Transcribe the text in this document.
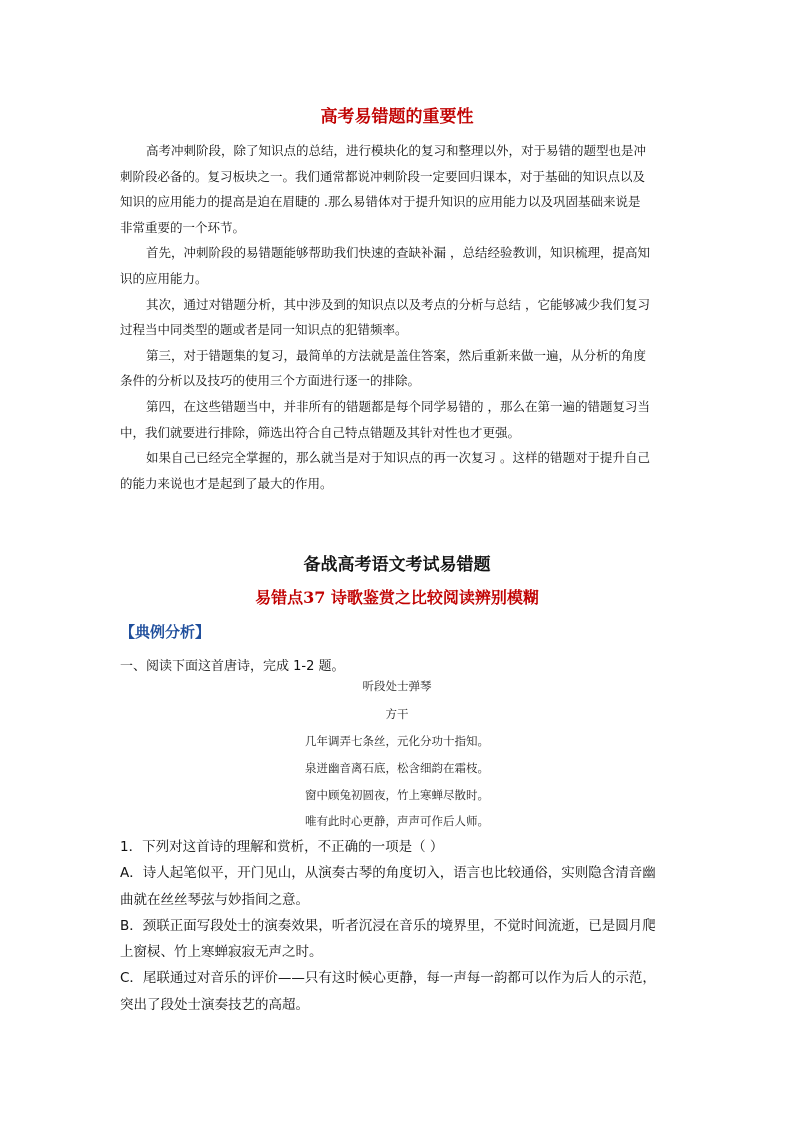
高考易错题的重要性

高考冲刺阶段，除了知识点的总结，进行模块化的复习和整理以外，对于易错的题型也是冲
刺阶段必备的。复习板块之一。我们通常都说冲刺阶段一定要回归课本，对于基础的知识点以及
知识的应用能力的提高是迫在眉睫的 .那么易错体对于提升知识的应用能力以及巩固基础来说是
非常重要的一个环节。

首先，冲刺阶段的易错题能够帮助我们快速的查缺补漏 ，总结经验教训，知识梳理，提高知
识的应用能力。

其次，通过对错题分析，其中涉及到的知识点以及考点的分析与总结 ，它能够减少我们复习
过程当中同类型的题或者是同一知识点的犯错频率。

第三，对于错题集的复习，最简单的方法就是盖住答案，然后重新来做一遍，从分析的角度
条件的分析以及技巧的使用三个方面进行逐一的排除。

第四，在这些错题当中，并非所有的错题都是每个同学易错的 ，那么在第一遍的错题复习当
中，我们就要进行排除，筛选出符合自己特点错题及其针对性也才更强。

如果自己已经完全掌握的，那么就当是对于知识点的再一次复习 。这样的错题对于提升自己
的能力来说也才是起到了最大的作用。

备战高考语文考试易错题
易错点37 诗歌鉴赏之比较阅读辨别模糊
【典例分析】
一、阅读下面这首唐诗，完成 1-2 题。
听段处士弹琴
方干
几年调弄七条丝，元化分功十指知。
泉迸幽音离石底，松含细韵在霜枝。
窗中顾兔初圆夜，竹上寒蝉尽散时。
唯有此时心更静，声声可作后人师。

1．下列对这首诗的理解和赏析，不正确的一项是（ ）

A．诗人起笔似平，开门见山，从演奏古琴的角度切入，语言也比较通俗，实则隐含清音幽
曲就在丝丝琴弦与妙指间之意。

B．颈联正面写段处士的演奏效果，听者沉浸在音乐的境界里，不觉时间流逝，已是圆月爬
上窗棂、竹上寒蝉寂寂无声之时。

C．尾联通过对音乐的评价——只有这时候心更静，每一声每一韵都可以作为后人的示范，
突出了段处士演奏技艺的高超。
